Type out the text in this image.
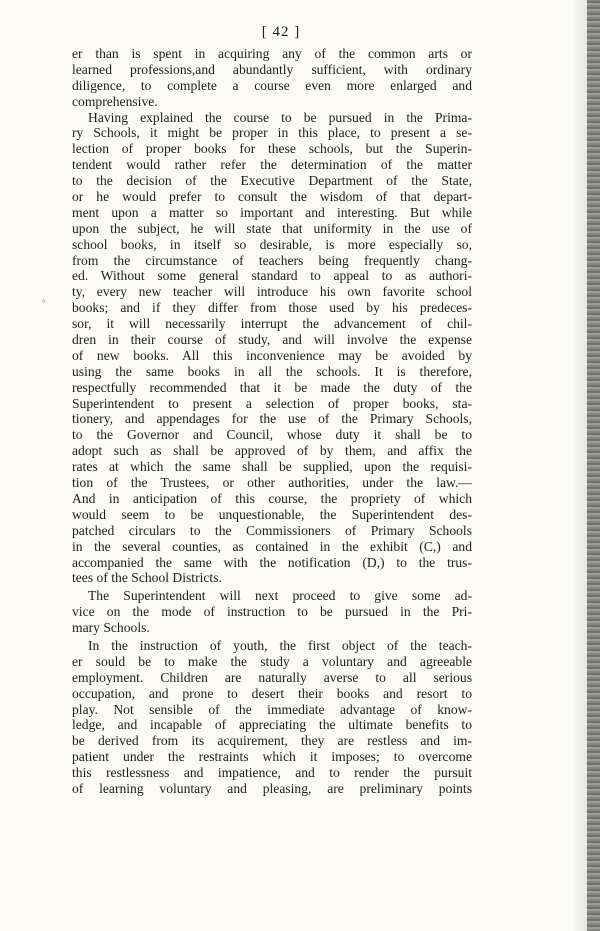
[ 42 ]
°
er than is spent in acquiring any of the common arts or
learned professions,and abundantly sufficient, with ordinary
diligence, to complete a course even more enlarged and
comprehensive.
Having explained the course to be pursued in the Prima-
ry Schools, it might be proper in this place, to present a se-
lection of proper books for these schools, but the Superin-
tendent would rather refer the determination of the matter
to the decision of the Executive Department of the State,
or he would prefer to consult the wisdom of that depart-
ment upon a matter so important and interesting. But while
upon the subject, he will state that uniformity in the use of
school books, in itself so desirable, is more especially so,
from the circumstance of teachers being frequently chang-
ed. Without some general standard to appeal to as authori-
ty, every new teacher will introduce his own favorite school
books; and if they differ from those used by his predeces-
sor, it will necessarily interrupt the advancement of chil-
dren in their course of study, and will involve the expense
of new books. All this inconvenience may be avoided by
using the same books in all the schools. It is therefore,
respectfully recommended that it be made the duty of the
Superintendent to present a selection of proper books, sta-
tionery, and appendages for the use of the Primary Schools,
to the Governor and Council, whose duty it shall be to
adopt such as shall be approved of by them, and affix the
rates at which the same shall be supplied, upon the requisi-
tion of the Trustees, or other authorities, under the law.—
And in anticipation of this course, the propriety of which
would seem to be unquestionable, the Superintendent des-
patched circulars to the Commissioners of Primary Schools
in the several counties, as contained in the exhibit (C,) and
accompanied the same with the notification (D,) to the trus-
tees of the School Districts.
The Superintendent will next proceed to give some ad-
vice on the mode of instruction to be pursued in the Pri-
mary Schools.
In the instruction of youth, the first object of the teach-
er sould be to make the study a voluntary and agreeable
employment. Children are naturally averse to all serious
occupation, and prone to desert their books and resort to
play. Not sensible of the immediate advantage of know-
ledge, and incapable of appreciating the ultimate benefits to
be derived from its acquirement, they are restless and im-
patient under the restraints which it imposes; to overcome
this restlessness and impatience, and to render the pursuit
of learning voluntary and pleasing, are preliminary points
